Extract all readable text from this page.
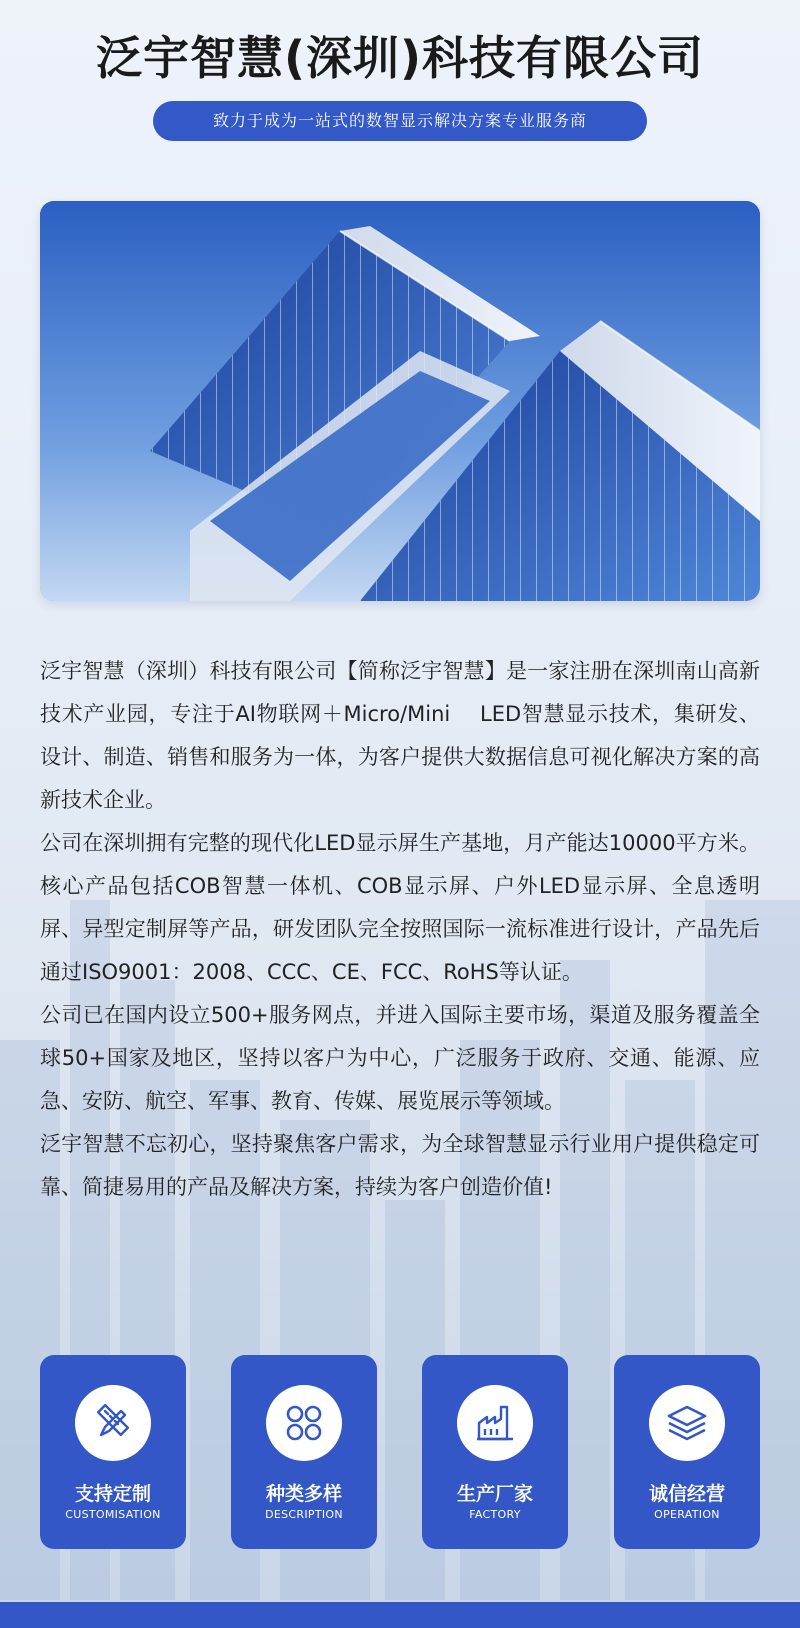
泛宇智慧(深圳)科技有限公司
致力于成为一站式的数智显示解决方案专业服务商

泛宇智慧（深圳）科技有限公司【简称泛宇智慧】是一家注册在深圳南山高新技术产业园，专注于AI物联网＋Micro/Mini　 LED智慧显示技术，集研发、设计、制造、销售和服务为一体，为客户提供大数据信息可视化解决方案的高新技术企业。

公司在深圳拥有完整的现代化LED显示屏生产基地，月产能达10000平方米。核心产品包括COB智慧一体机、COB显示屏、户外LED显示屏、全息透明屏、异型定制屏等产品，研发团队完全按照国际一流标准进行设计，产品先后通过ISO9001：2008、CCC、CE、FCC、RoHS等认证。

公司已在国内设立500+服务网点，并进入国际主要市场，渠道及服务覆盖全球50+国家及地区，坚持以客户为中心，广泛服务于政府、交通、能源、应急、安防、航空、军事、教育、传媒、展览展示等领域。

泛宇智慧不忘初心，坚持聚焦客户需求，为全球智慧显示行业用户提供稳定可靠、简捷易用的产品及解决方案，持续为客户创造价值!

支持定制
CUSTOMISATION
种类多样
DESCRIPTION
生产厂家
FACTORY
诚信经营
OPERATION
